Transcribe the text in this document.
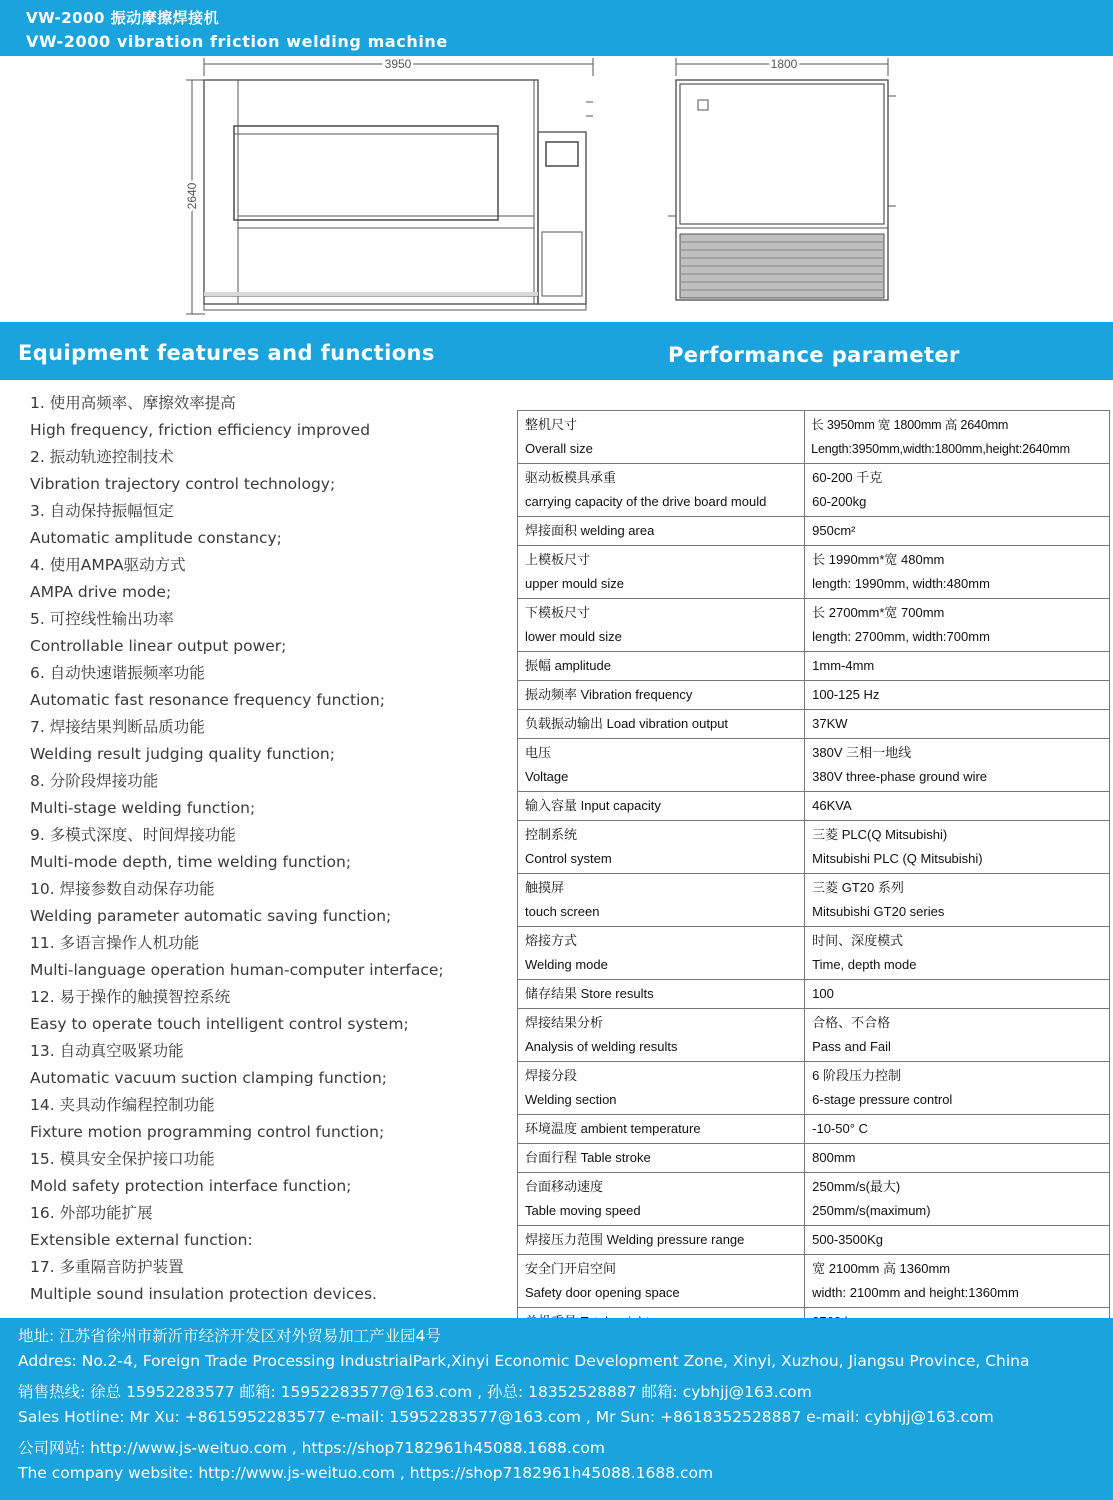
VW-2000 振动摩擦焊接机
VW-2000 vibration friction welding machine
3950	1800
2640
Equipment features and functions	Performance parameter
1. 使用高频率、摩擦效率提高
High frequency, friction efficiency improved
2. 振动轨迹控制技术
Vibration trajectory control technology;
3. 自动保持振幅恒定
Automatic amplitude constancy;
4. 使用AMPA驱动方式
AMPA drive mode;
5. 可控线性输出功率
Controllable linear output power;
6. 自动快速谐振频率功能
Automatic fast resonance frequency function;
7. 焊接结果判断品质功能
Welding result judging quality function;
8. 分阶段焊接功能
Multi-stage welding function;
9. 多模式深度、时间焊接功能
Multi-mode depth, time welding function;
10. 焊接参数自动保存功能
Welding parameter automatic saving function;
11. 多语言操作人机功能
Multi-language operation human-computer interface;
12. 易于操作的触摸智控系统
Easy to operate touch intelligent control system;
13. 自动真空吸紧功能
Automatic vacuum suction clamping function;
14. 夹具动作编程控制功能
Fixture motion programming control function;
15. 模具安全保护接口功能
Mold safety protection interface function;
16. 外部功能扩展
Extensible external function:
17. 多重隔音防护装置
Multiple sound insulation protection devices.
整机尺寸
Overall size	长 3950mm 宽 1800mm 高 2640mm
Length:3950mm,width:1800mm,height:2640mm

驱动板模具承重
carrying capacity of the drive board mould	60-200 千克
60-200kg

焊接面积 welding area	950cm²

上模板尺寸
upper mould size	长 1990mm*宽 480mm
length: 1990mm, width:480mm

下模板尺寸
lower mould size	长 2700mm*宽 700mm
length: 2700mm, width:700mm

振幅 amplitude	1mm-4mm

振动频率 Vibration frequency	100-125 Hz

负载振动输出 Load vibration output	37KW

电压
Voltage	380V 三相一地线
380V three-phase ground wire

输入容量 Input capacity	46KVA

控制系统
Control system	三菱 PLC(Q Mitsubishi)
Mitsubishi PLC (Q Mitsubishi)

触摸屏
touch screen	三菱 GT20 系列
Mitsubishi GT20 series

熔接方式
Welding mode	时间、深度模式
Time, depth mode

储存结果 Store results	100

焊接结果分析
Analysis of welding results	合格、不合格
Pass and Fail

焊接分段
Welding section	6 阶段压力控制
6-stage pressure control

环境温度 ambient temperature	-10-50° C

台面行程 Table stroke	800mm

台面移动速度
Table moving speed	250mm/s(最大)
250mm/s(maximum)

焊接压力范围 Welding pressure range	500-3500Kg

安全门开启空间
Safety door opening space	宽 2100mm 高 1360mm
width: 2100mm and height:1360mm

地址: 江苏省徐州市新沂市经济开发区对外贸易加工产业园4号
Addres: No.2-4, Foreign Trade Processing IndustrialPark,Xinyi Economic Development Zone, Xinyi, Xuzhou, Jiangsu Province, China
销售热线: 徐总 15952283577 邮箱: 15952283577@163.com , 孙总: 18352528887 邮箱: cybhjj@163.com
Sales Hotline: Mr Xu: +8615952283577 e-mail: 15952283577@163.com , Mr Sun: +8618352528887 e-mail: cybhjj@163.com
公司网站: http://www.js-weituo.com , https://shop7182961h45088.1688.com
The company website: http://www.js-weituo.com , https://shop7182961h45088.1688.com
